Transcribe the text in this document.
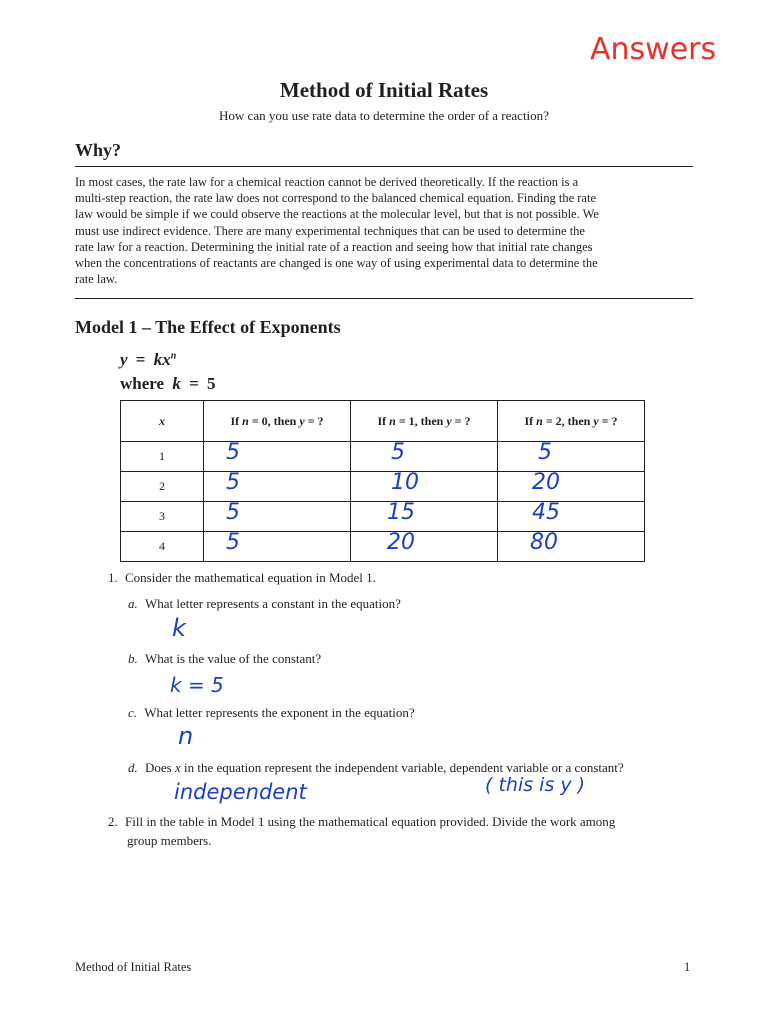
Answers
Method of Initial Rates
How can you use rate data to determine the order of a reaction?
Why?
In most cases, the rate law for a chemical reaction cannot be derived theoretically. If the reaction is a
multi-step reaction, the rate law does not correspond to the balanced chemical equation. Finding the rate
law would be simple if we could observe the reactions at the molecular level, but that is not possible. We
must use indirect evidence. There are many experimental techniques that can be used to determine the
rate law for a reaction. Determining the initial rate of a reaction and seeing how that initial rate changes
when the concentrations of reactants are changed is one way of using experimental data to determine the
rate law.
Model 1 – The Effect of Exponents
$y = kx^n$
where k = 5
x	If n = 0, then y = ?	If n = 1, then y = ?	If n = 2, then y = ?
1	5	5	5

2	5	10	20

3	5	15	45

4	5	20	80
1. Consider the mathematical equation in Model 1.
a. What letter represents a constant in the equation?
k
b. What is the value of the constant?
k = 5
c. What letter represents the exponent in the equation?
n
d. Does x in the equation represent the independent variable, dependent variable or a constant?
independent	( this is y )
2. Fill in the table in Model 1 using the mathematical equation provided. Divide the work among
group members.
Method of Initial Rates	1
